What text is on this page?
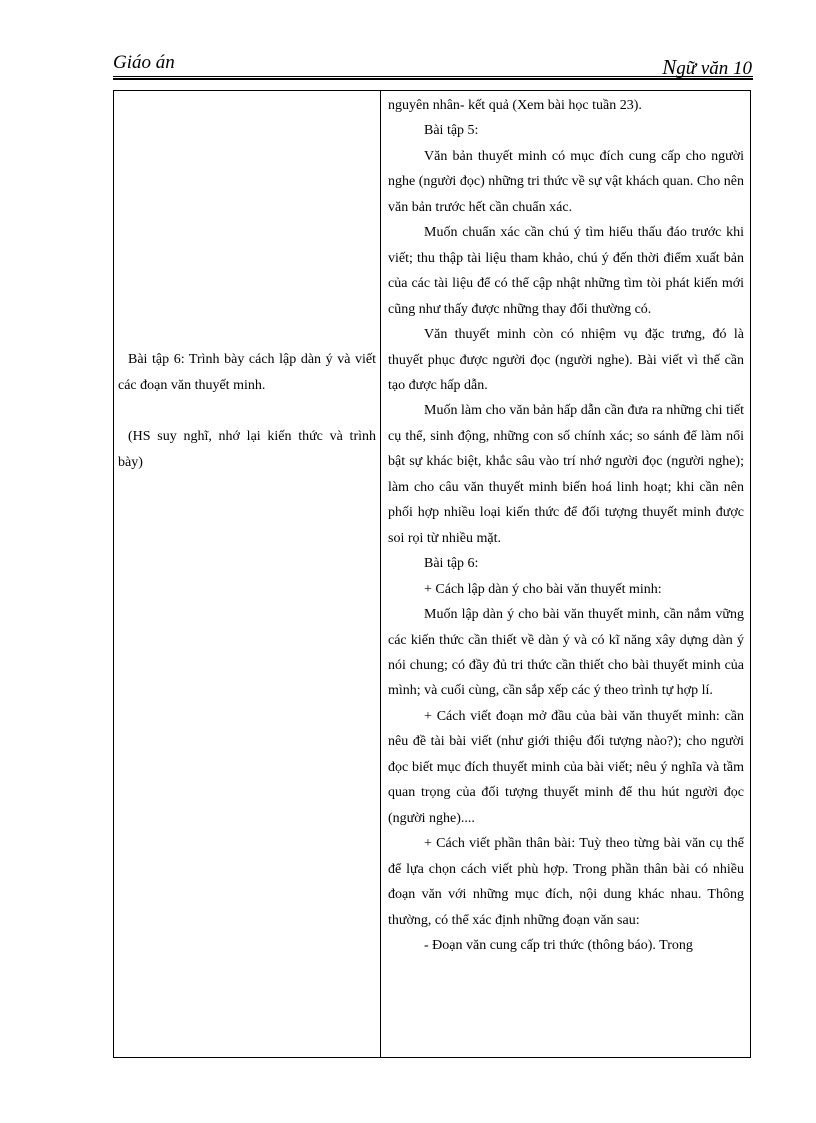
Giáo án	Ngữ văn 10

Bài tập 6: Trình bày cách lập dàn ý và viết các đoạn văn thuyết minh.

(HS suy nghĩ, nhớ lại kiến thức và trình bày)

nguyên nhân- kết quả (Xem bài học tuần 23).

Bài tập 5:

Văn bản thuyết minh có mục đích cung cấp cho người nghe (người đọc) những tri thức về sự vật khách quan. Cho nên văn bản trước hết cần chuẩn xác.

Muốn chuẩn xác cần chú ý tìm hiểu thấu đáo trước khi viết; thu thập tài liệu tham khảo, chú ý đến thời điểm xuất bản của các tài liệu để có thể cập nhật những tìm tòi phát kiến mới cũng như thấy được những thay đổi thường có.

Văn thuyết minh còn có nhiệm vụ đặc trưng, đó là thuyết phục được người đọc (người nghe). Bài viết vì thế cần tạo được hấp dẫn.

Muốn làm cho văn bản hấp dẫn cần đưa ra những chi tiết cụ thể, sinh động, những con số chính xác; so sánh để làm nổi bật sự khác biệt, khắc sâu vào trí nhớ người đọc (người nghe); làm cho câu văn thuyết minh biến hoá linh hoạt; khi cần nên phối hợp nhiều loại kiến thức để đối tượng thuyết minh được soi rọi từ nhiều mặt.

Bài tập 6:

+ Cách lập dàn ý cho bài văn thuyết minh:

Muốn lập dàn ý cho bài văn thuyết minh, cần nắm vững các kiến thức cần thiết về dàn ý và có kĩ năng xây dựng dàn ý nói chung; có đầy đủ tri thức cần thiết cho bài thuyết minh của mình; và cuối cùng, cần sắp xếp các ý theo trình tự hợp lí.

+ Cách viết đoạn mở đầu của bài văn thuyết minh: cần nêu đề tài bài viết (như giới thiệu đối tượng nào?); cho người đọc biết mục đích thuyết minh của bài viết; nêu ý nghĩa và tầm quan trọng của đối tượng thuyết minh để thu hút người đọc (người nghe)....

+ Cách viết phần thân bài: Tuỳ theo từng bài văn cụ thể để lựa chọn cách viết phù hợp. Trong phần thân bài có nhiều đoạn văn với những mục đích, nội dung khác nhau. Thông thường, có thể xác định những đoạn văn sau:

- Đoạn văn cung cấp tri thức (thông báo). Trong
